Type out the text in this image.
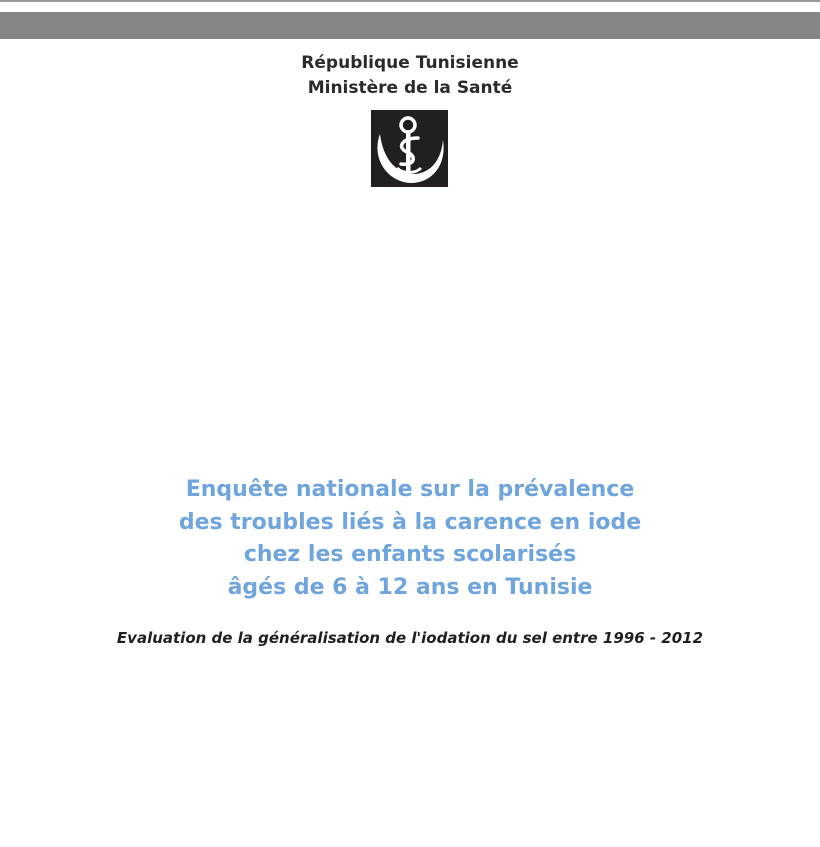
République Tunisienne
Ministère de la Santé
Enquête nationale sur la prévalence
des troubles liés à la carence en iode
chez les enfants scolarisés
âgés de 6 à 12 ans en Tunisie
Evaluation de la généralisation de l'iodation du sel entre 1996 - 2012
